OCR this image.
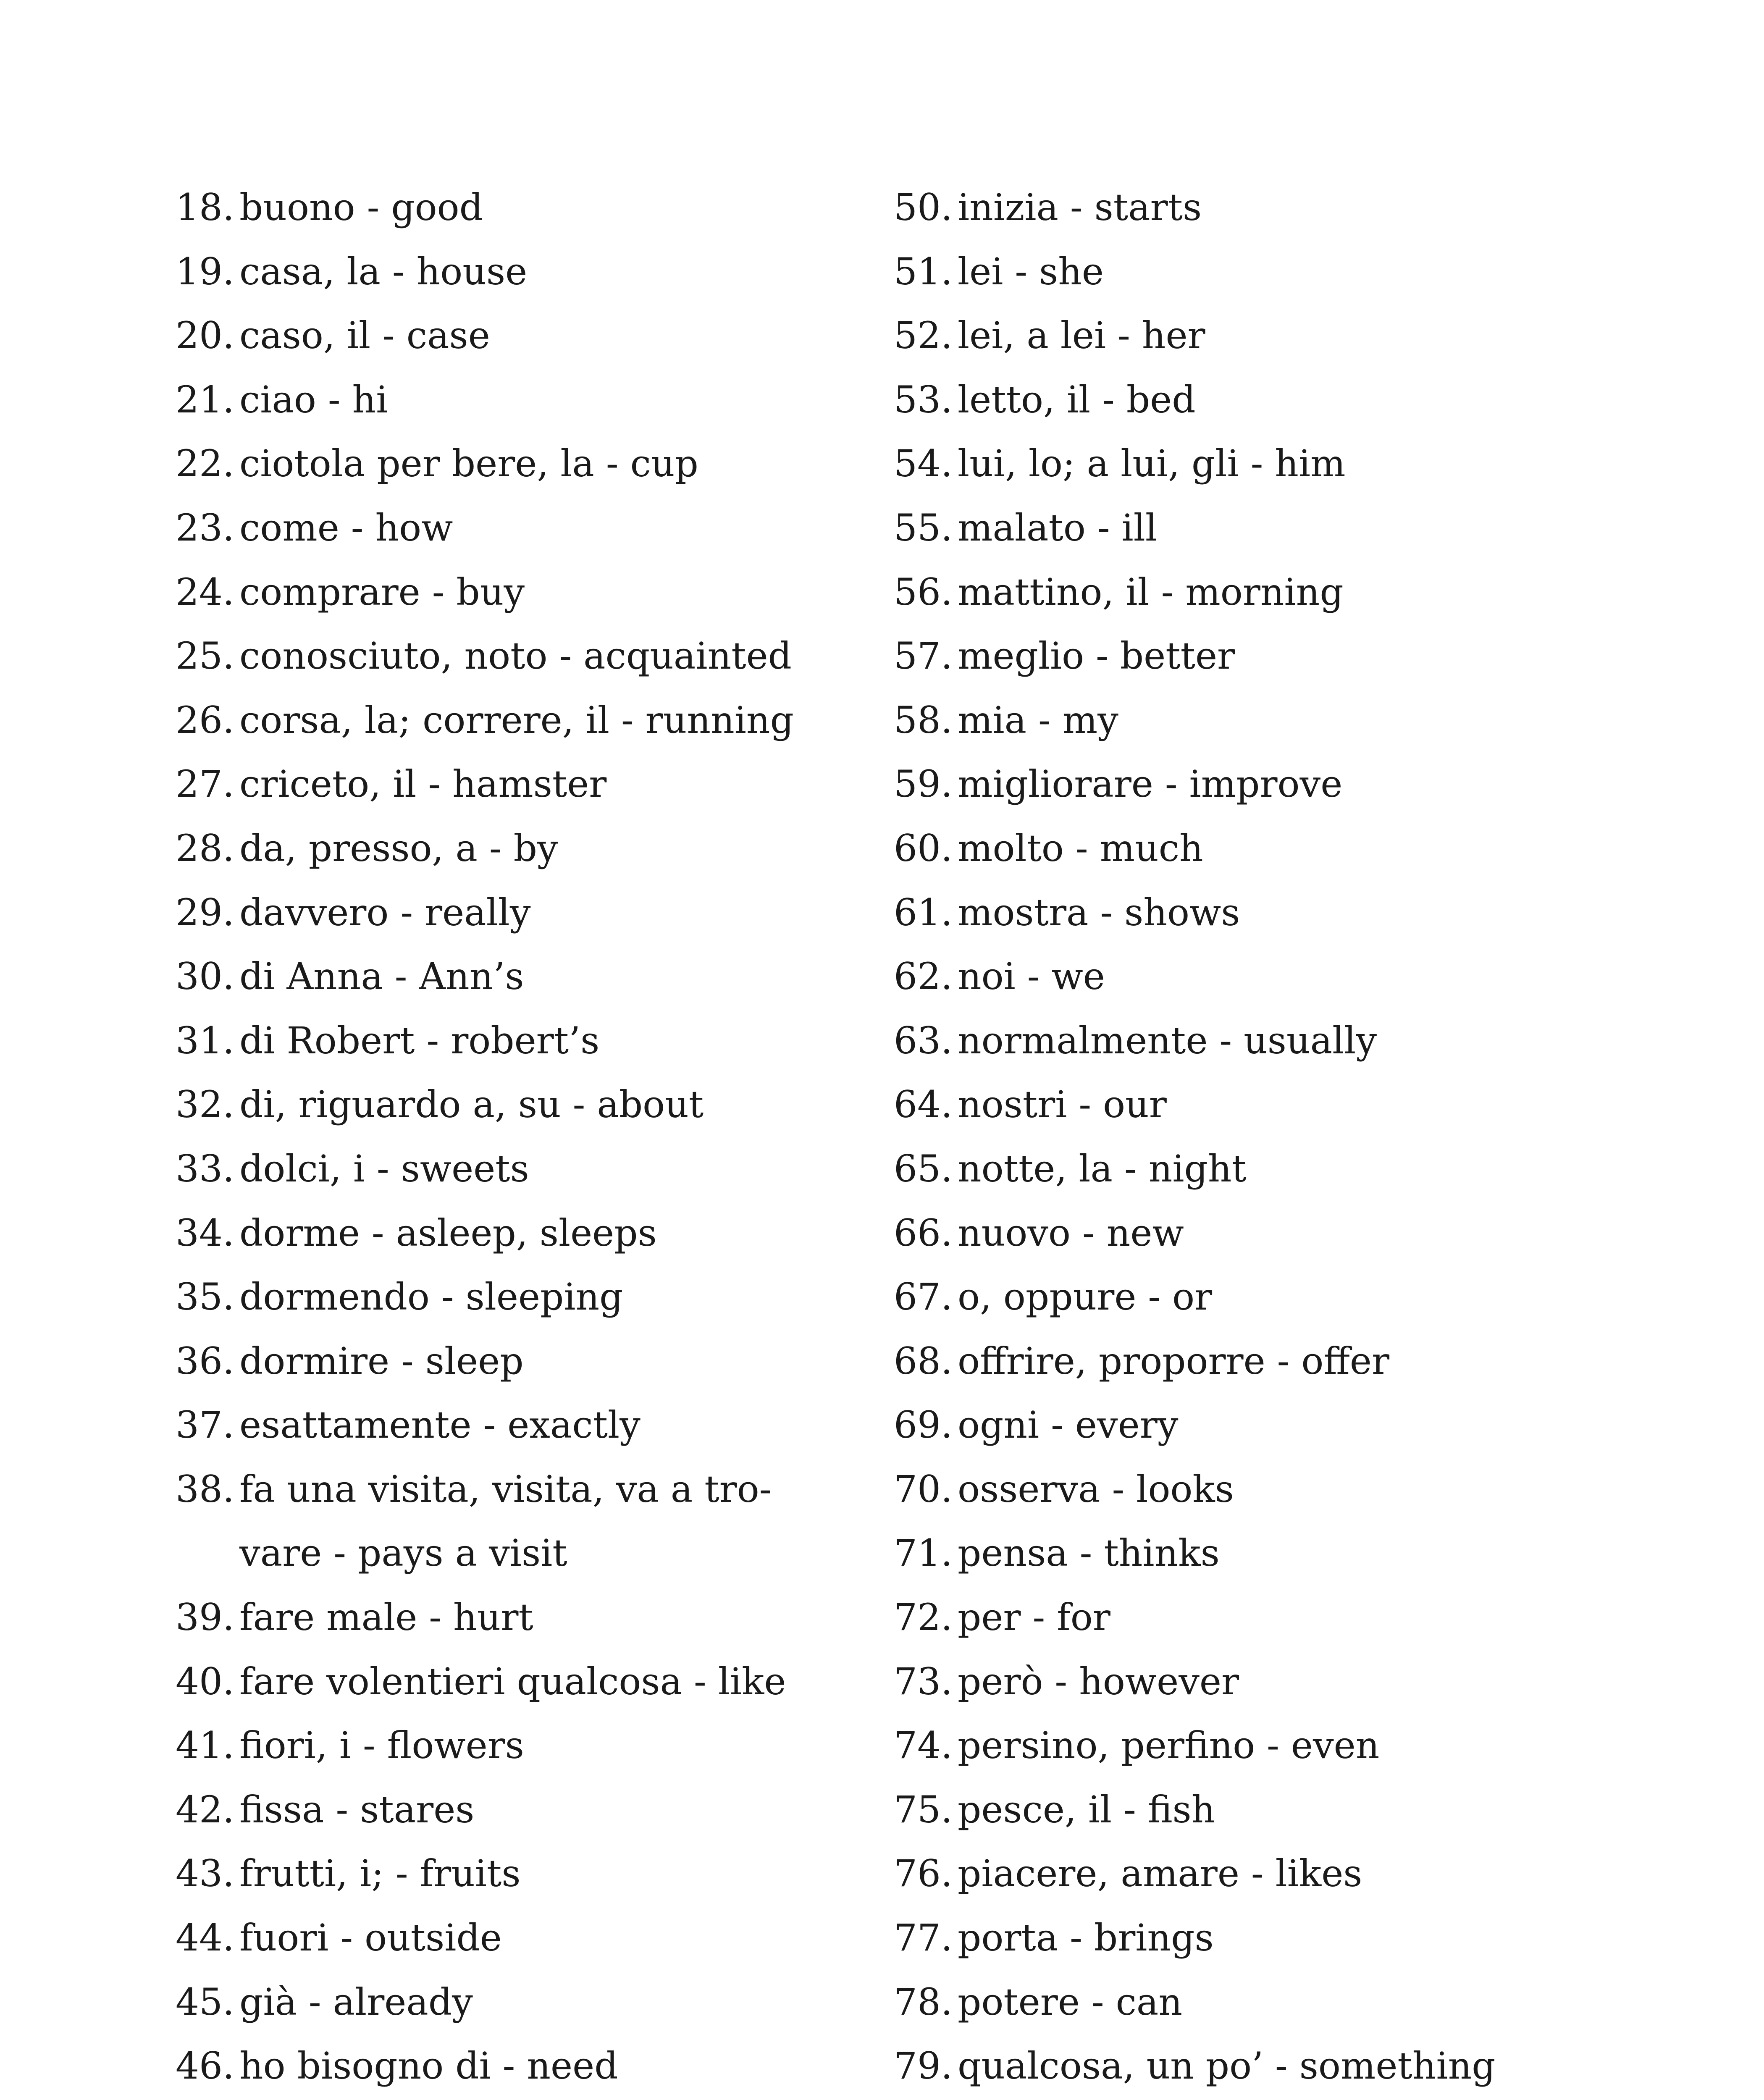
18. buono - good
19. casa, la - house
20. caso, il - case
21. ciao - hi
22. ciotola per bere, la - cup
23. come - how
24. comprare - buy
25. conosciuto, noto - acquainted
26. corsa, la; correre, il - running
27. criceto, il - hamster
28. da, presso, a - by
29. davvero - really
30. di Anna - Ann’s
31. di Robert - robert’s
32. di, riguardo a, su - about
33. dolci, i - sweets
34. dorme - asleep, sleeps
35. dormendo - sleeping
36. dormire - sleep
37. esattamente - exactly
38. fa una visita, visita, va a tro-
vare - pays a visit
39. fare male - hurt
40. fare volentieri qualcosa - like
41. fiori, i - flowers
42. fissa - stares
43. frutti, i; - fruits
44. fuori - outside
45. già - already
46. ho bisogno di - need
50. inizia - starts
51. lei - she
52. lei, a lei - her
53. letto, il - bed
54. lui, lo; a lui, gli - him
55. malato - ill
56. mattino, il - morning
57. meglio - better
58. mia - my
59. migliorare - improve
60. molto - much
61. mostra - shows
62. noi - we
63. normalmente - usually
64. nostri - our
65. notte, la - night
66. nuovo - new
67. o, oppure - or
68. offrire, proporre - offer
69. ogni - every
70. osserva - looks
71. pensa - thinks
72. per - for
73. però - however
74. persino, perfino - even
75. pesce, il - fish
76. piacere, amare - likes
77. porta - brings
78. potere - can
79. qualcosa, un po’ - something
